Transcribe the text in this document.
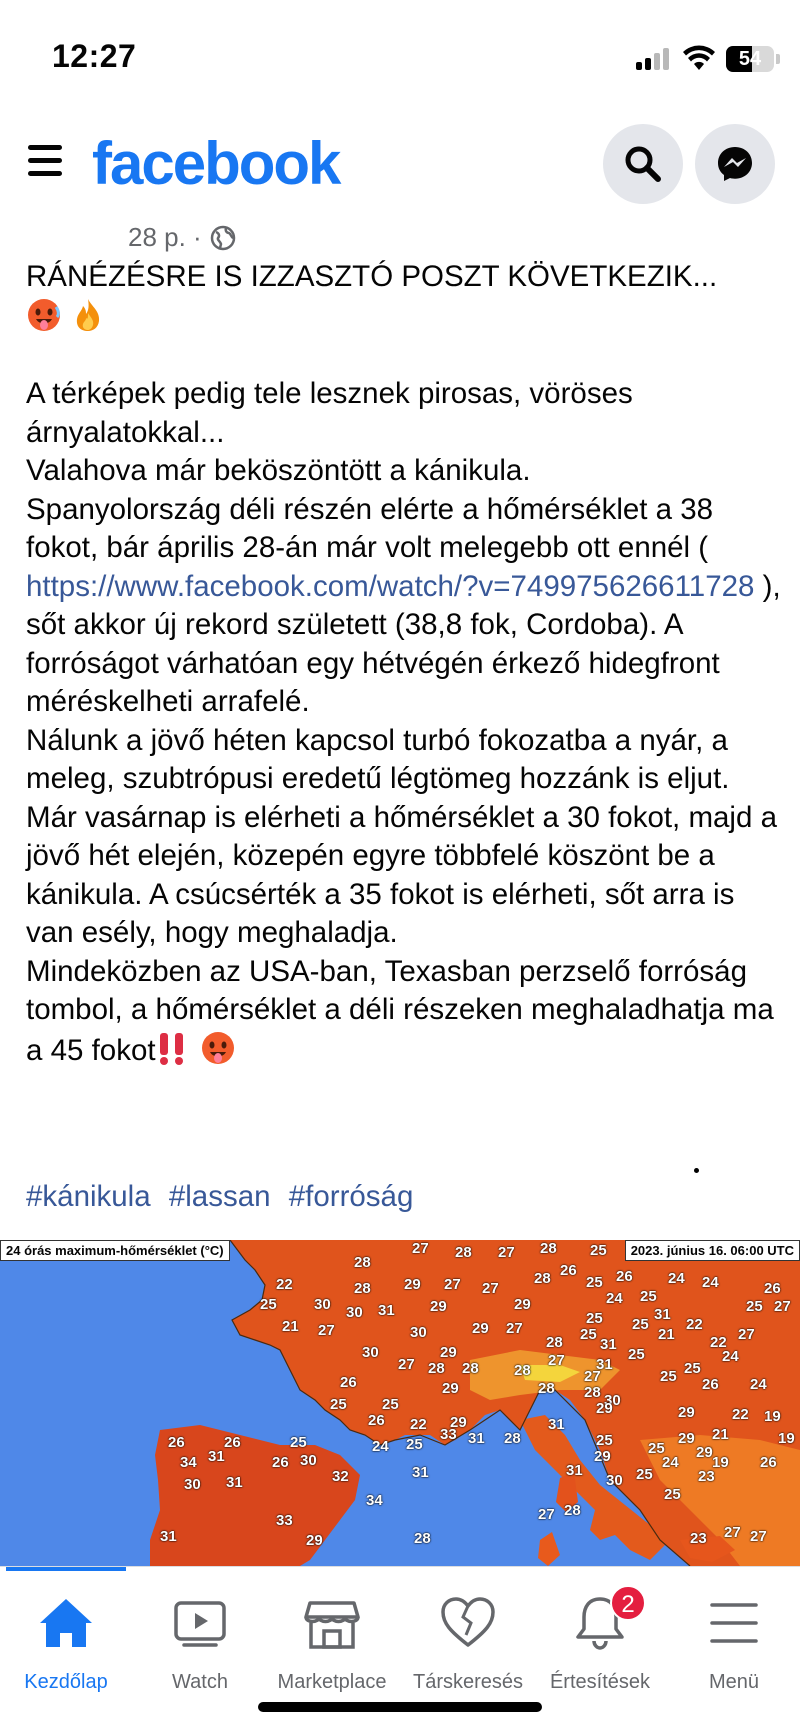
12:27	54
facebook
28 p. ·

RÁNÉZÉSRE IS IZZASZTÓ POSZT KÖVETKEZIK...

A térképek pedig tele lesznek pirosas, vöröses árnyalatokkal...

Valahova már beköszöntött a kánikula.

Spanyolország déli részén elérte a hőmérséklet a 38 fokot, bár április 28-án már volt melegebb ott ennél ( https://www.facebook.com/watch/?v=749975626611728 ), sőt akkor új rekord született (38,8 fok, Cordoba). A forróságot várhatóan egy hétvégén érkező hidegfront méréskelheti arrafelé.

Nálunk a jövő héten kapcsol turbó fokozatba a nyár, a meleg, szubtrópusi eredetű légtömeg hozzánk is eljut. Már vasárnap is elérheti a hőmérséklet a 30 fokot, majd a jövő hét elején, közepén egyre többfelé köszönt be a kánikula. A csúcsérték a 35 fokot is elérheti, sőt arra is van esély, hogy meghaladja.

Mindeközben az USA-ban, Texasban perzselő forróság tombol, a hőmérséklet a déli részeken meghaladhatja ma a 45 fokot

#kánikula #lassan #forróság
24 órás maximum-hőmérséklet (°C)	2023. június 16. 06:00 UTC
28
27 28 27 28 25
22	28 29 27 27
28 26
25 26 24 24
25	26
30 30 31 29	29	24	25
21 27
25
25
27
30	29 27	25
31
22
21
25	22 27
28 31
25
30
27 28
29
28	27 31	25
24
26	25 26 24
29
28
25	30
28 28
27
25	29 22 19
26 22 29	31
29
25 25
19
26	26	25	24 25
33 31 28
29
21
34 31	26 30
31
29	24 19 26
30 31	32	31
30 25	23
34
27 28
25
29
33
31	29	28	23 27 27
Kezdőlap	Watch	Marketplace	Társkeresés
2
Értesítések	Menü
